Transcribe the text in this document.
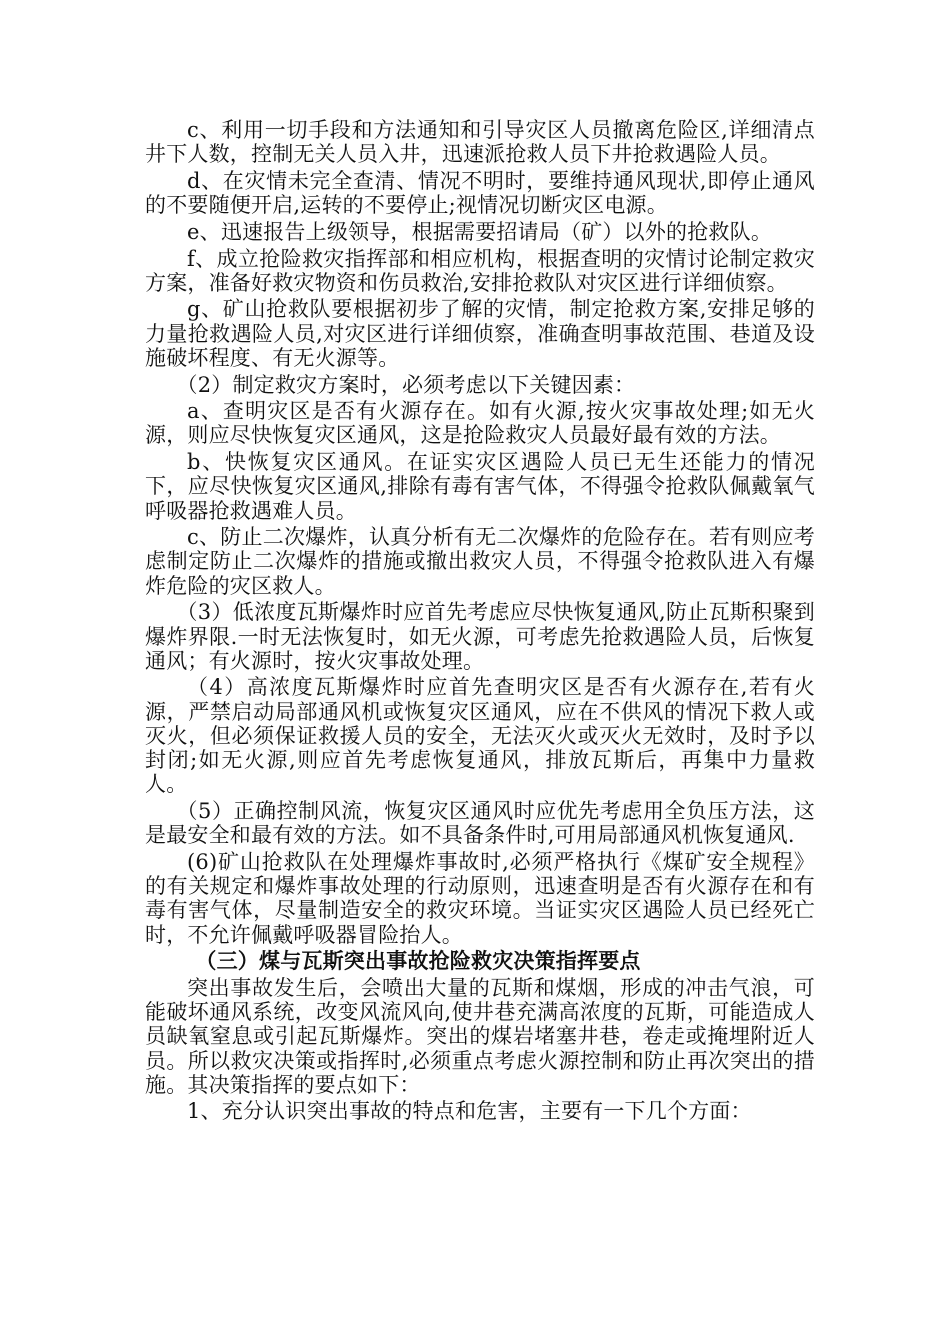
c、利用一切手段和方法通知和引导灾区人员撤离危险区,详细清点井下人数，控制无关人员入井，迅速派抢救人员下井抢救遇险人员。

d、在灾情未完全查清、情况不明时，要维持通风现状,即停止通风的不要随便开启,运转的不要停止;视情况切断灾区电源。

e、迅速报告上级领导，根据需要招请局（矿）以外的抢救队。

f、成立抢险救灾指挥部和相应机构，根据查明的灾情讨论制定救灾方案，准备好救灾物资和伤员救治,安排抢救队对灾区进行详细侦察。

g、矿山抢救队要根据初步了解的灾情，制定抢救方案,安排足够的力量抢救遇险人员,对灾区进行详细侦察，准确查明事故范围、巷道及设施破坏程度、有无火源等。

（2）制定救灾方案时，必须考虑以下关键因素：

a、查明灾区是否有火源存在。如有火源,按火灾事故处理;如无火源，则应尽快恢复灾区通风，这是抢险救灾人员最好最有效的方法。

b、快恢复灾区通风。在证实灾区遇险人员已无生还能力的情况下，应尽快恢复灾区通风,排除有毒有害气体，不得强令抢救队佩戴氧气呼吸器抢救遇难人员。

c、防止二次爆炸，认真分析有无二次爆炸的危险存在。若有则应考虑制定防止二次爆炸的措施或撤出救灾人员，不得强令抢救队进入有爆炸危险的灾区救人。

（3）低浓度瓦斯爆炸时应首先考虑应尽快恢复通风,防止瓦斯积聚到爆炸界限.一时无法恢复时，如无火源，可考虑先抢救遇险人员，后恢复通风；有火源时，按火灾事故处理。

（4）高浓度瓦斯爆炸时应首先查明灾区是否有火源存在,若有火源，严禁启动局部通风机或恢复灾区通风，应在不供风的情况下救人或灭火，但必须保证救援人员的安全，无法灭火或灭火无效时，及时予以封闭;如无火源,则应首先考虑恢复通风，排放瓦斯后，再集中力量救人。

（5）正确控制风流，恢复灾区通风时应优先考虑用全负压方法，这是最安全和最有效的方法。如不具备条件时,可用局部通风机恢复通风.

(6)矿山抢救队在处理爆炸事故时,必须严格执行《煤矿安全规程》的有关规定和爆炸事故处理的行动原则，迅速查明是否有火源存在和有毒有害气体，尽量制造安全的救灾环境。当证实灾区遇险人员已经死亡时，不允许佩戴呼吸器冒险抬人。

（三）煤与瓦斯突出事故抢险救灾决策指挥要点

突出事故发生后，会喷出大量的瓦斯和煤烟，形成的冲击气浪，可能破坏通风系统，改变风流风向,使井巷充满高浓度的瓦斯，可能造成人员缺氧窒息或引起瓦斯爆炸。突出的煤岩堵塞井巷，卷走或掩埋附近人员。所以救灾决策或指挥时,必须重点考虑火源控制和防止再次突出的措施。其决策指挥的要点如下：

1、充分认识突出事故的特点和危害，主要有一下几个方面：
